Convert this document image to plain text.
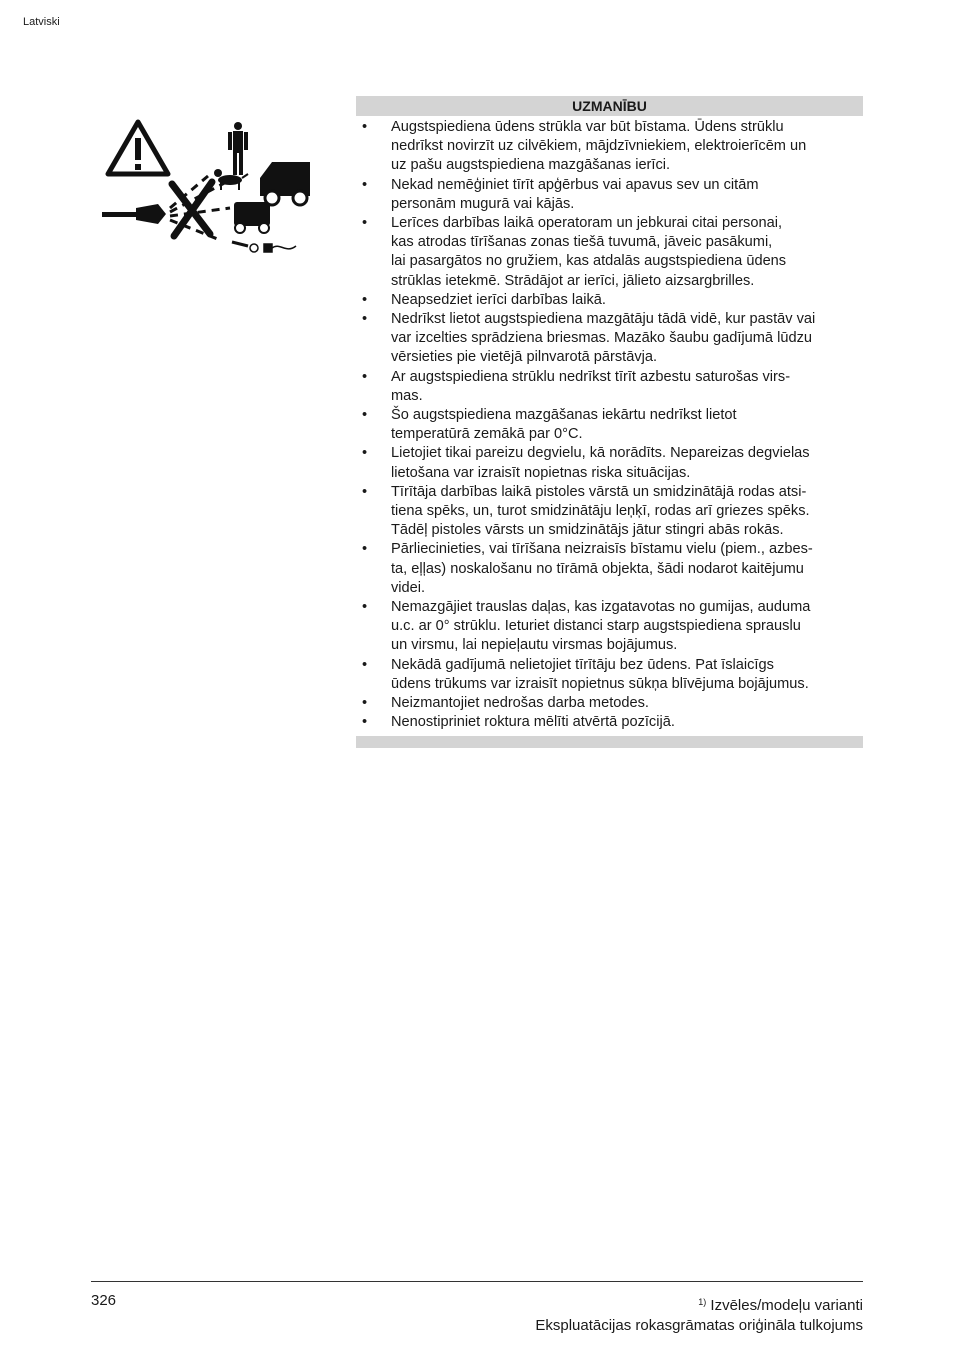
Latviski
UZMANĪBU
• Augstspiediena ūdens strūkla var būt bīstama. Ūdens strūklu
nedrīkst novirzīt uz cilvēkiem, mājdzīvniekiem, elektroierīcēm un
uz pašu augstspiediena mazgāšanas ierīci.
• Nekad nemēģiniet tīrīt apģērbus vai apavus sev un citām
personām mugurā vai kājās.
• Lerīces darbības laikā operatoram un jebkurai citai personai,
kas atrodas tīrīšanas zonas tiešā tuvumā, jāveic pasākumi,
lai pasargātos no gružiem, kas atdalās augstspiediena ūdens
strūklas ietekmē. Strādājot ar ierīci, jālieto aizsargbrilles.
• Neapsedziet ierīci darbības laikā.
• Nedrīkst lietot augstspiediena mazgātāju tādā vidē, kur pastāv vai
var izcelties sprādziena briesmas. Mazāko šaubu gadījumā lūdzu
vērsieties pie vietējā pilnvarotā pārstāvja.
• Ar augstspiediena strūklu nedrīkst tīrīt azbestu saturošas virs-
mas.
• Šo augstspiediena mazgāšanas iekārtu nedrīkst lietot
temperatūrā zemākā par 0°C.
• Lietojiet tikai pareizu degvielu, kā norādīts. Nepareizas degvielas
lietošana var izraisīt nopietnas riska situācijas.
• Tīrītāja darbības laikā pistoles vārstā un smidzinātājā rodas atsi-
tiena spēks, un, turot smidzinātāju leņķī, rodas arī griezes spēks.
Tādēļ pistoles vārsts un smidzinātājs jātur stingri abās rokās.
• Pārliecinieties, vai tīrīšana neizraisīs bīstamu vielu (piem., azbes-
ta, eļļas) noskalošanu no tīrāmā objekta, šādi nodarot kaitējumu
videi.
• Nemazgājiet trauslas daļas, kas izgatavotas no gumijas, auduma
u.c. ar 0° strūklu. Ieturiet distanci starp augstspiediena sprauslu
un virsmu, lai nepieļautu virsmas bojājumus.
• Nekādā gadījumā nelietojiet tīrītāju bez ūdens. Pat īslaicīgs
ūdens trūkums var izraisīt nopietnus sūkņa blīvējuma bojājumus.
• Neizmantojiet nedrošas darba metodes.
• Nenostipriniet roktura mēlīti atvērtā pozīcijā.
326	$^{1)}$ Izvēles/modeļu varianti
Ekspluatācijas rokasgrāmatas oriģināla tulkojums
